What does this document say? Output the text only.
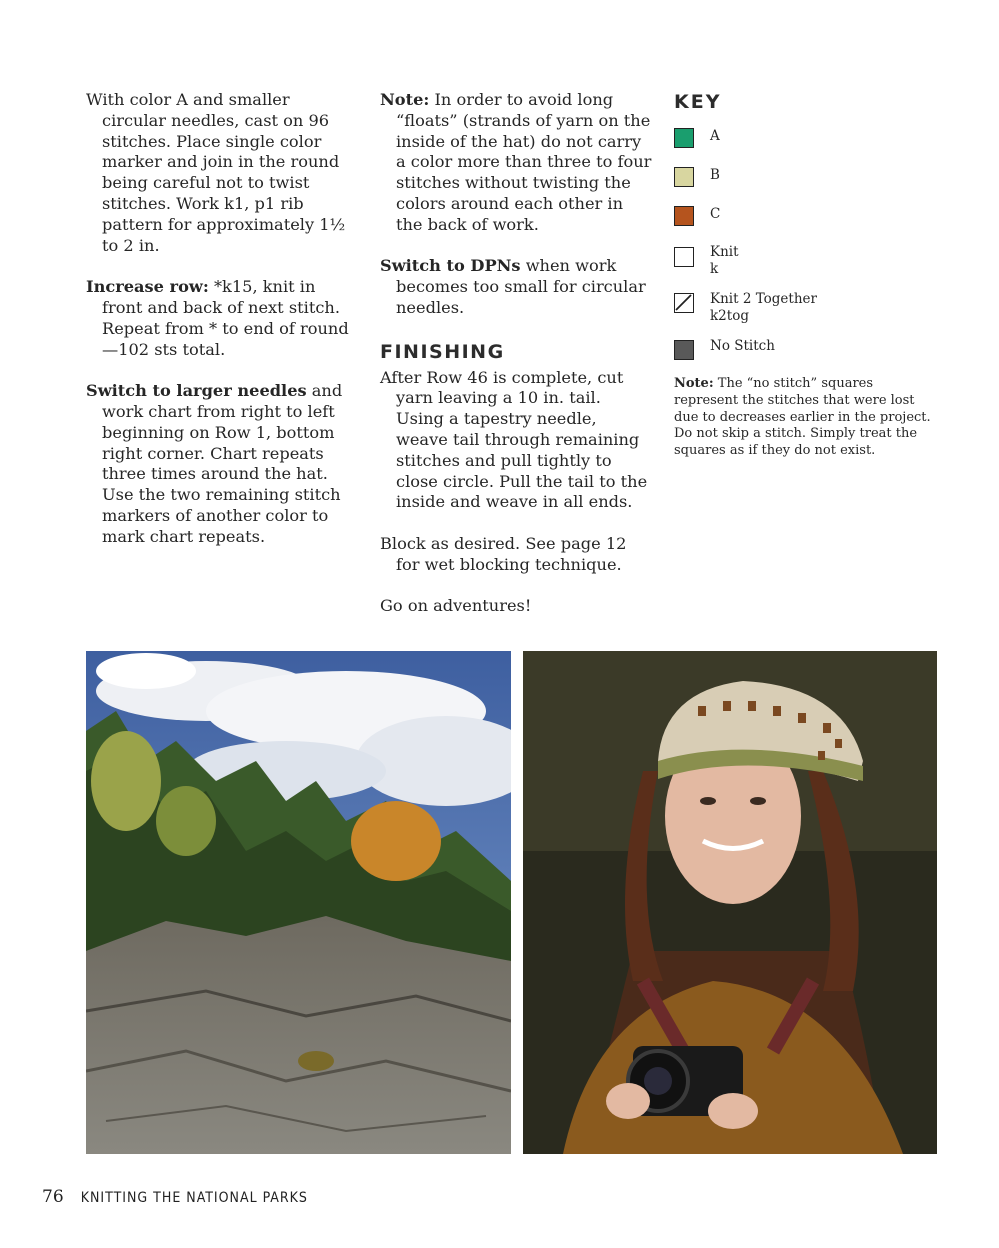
With color A and smaller circular needles, cast on 96 stitches. Place single color marker and join in the round being careful not to twist stitches. Work k1, p1 rib pattern for approximately 1½ to 2 in.

Increase row: *k15, knit in front and back of next stitch. Repeat from * to end of round—102 sts total.

Switch to larger needles and work chart from right to left beginning on Row 1, bottom right corner. Chart repeats three times around the hat. Use the two remaining stitch markers of another color to mark chart repeats.

Note: In order to avoid long “floats” (strands of yarn on the inside of the hat) do not carry a color more than three to four stitches without twisting the colors around each other in the back of work.

Switch to DPNs when work becomes too small for circular needles.

FINISHING

After Row 46 is complete, cut yarn leaving a 10 in. tail. Using a tapestry needle, weave tail through remaining stitches and pull tightly to close circle. Pull the tail to the inside and weave in all ends.

Block as desired. See page 12 for wet blocking technique.

Go on adventures!

KEY
A
B
C
Knit
k
Knit 2 Together
k2tog
No Stitch
Note: The “no stitch” squares represent the stitches that were lost due to decreases earlier in the project. Do not skip a stitch. Simply treat the squares as if they do not exist.
76 KNITTING THE NATIONAL PARKS
